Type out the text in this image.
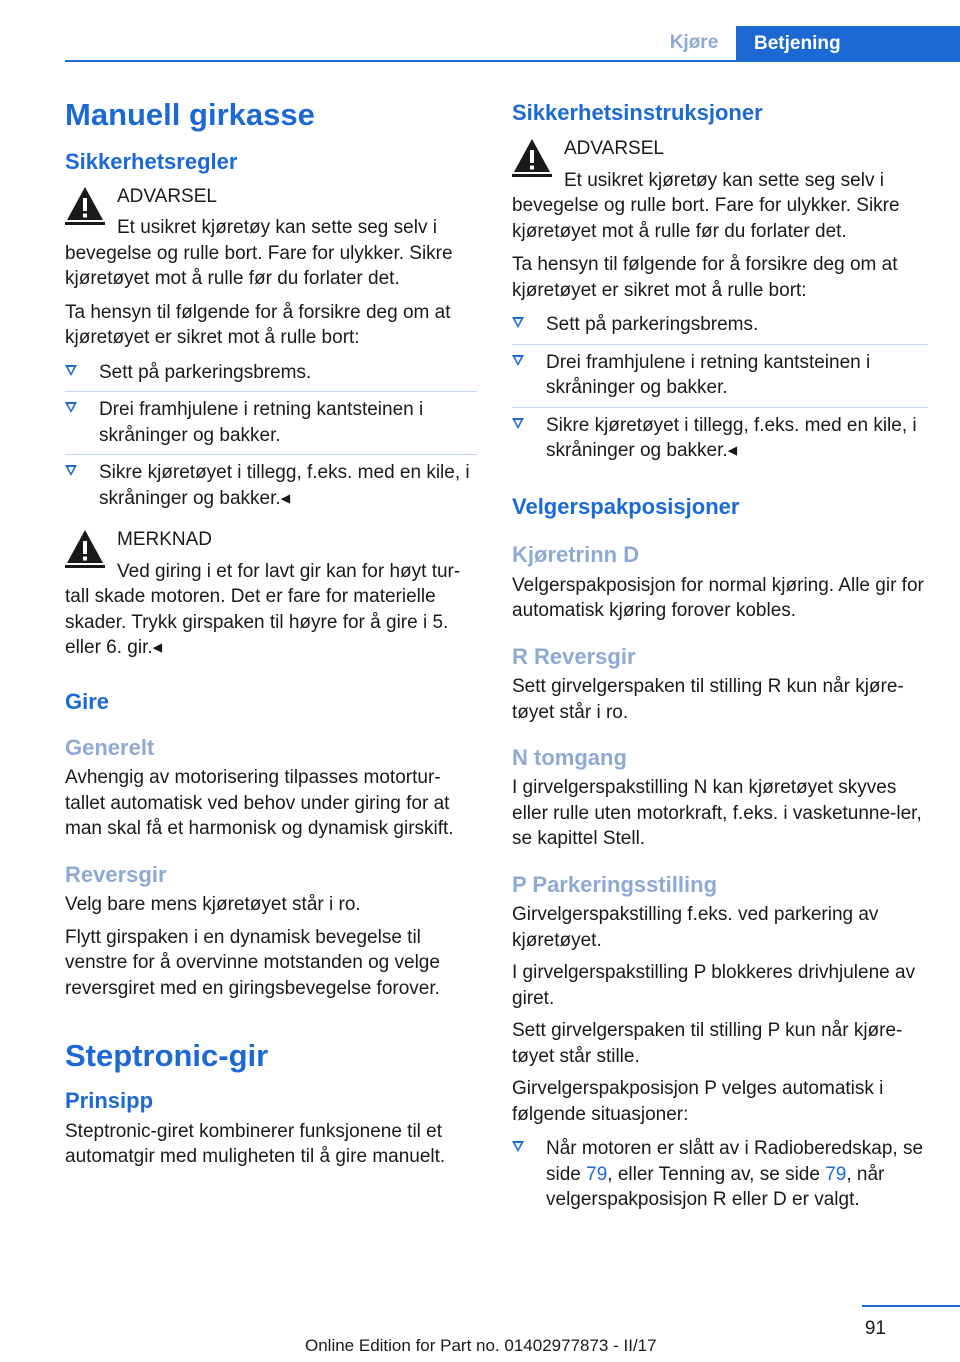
Kjøre	Betjening
Manuell girkasse
Sikkerhetsregler
ADVARSEL
Et usikret kjøretøy kan sette seg selv i
bevegelse og rulle bort. Fare for ulykker. Sikre kjøretøyet mot å rulle før du forlater det.

Ta hensyn til følgende for å forsikre deg om at kjøretøyet er sikret mot å rulle bort:

Sett på parkeringsbrems.
Drei framhjulene i retning kantsteinen i skråninger og bakker.
Sikre kjøretøyet i tillegg, f.eks. med en kile, i skråninger og bakker.◂
MERKNAD
Ved giring i et for lavt gir kan for høyt tur-
tall skade motoren. Det er fare for materielle skader. Trykk girspaken til høyre for å gire i 5. eller 6. gir.◂
Gire
Generelt

Avhengig av motorisering tilpasses motortur-tallet automatisk ved behov under giring for at man skal få et harmonisk og dynamisk girskift.

Reversgir

Velg bare mens kjøretøyet står i ro.

Flytt girspaken i en dynamisk bevegelse til venstre for å overvinne motstanden og velge reversgiret med en giringsbevegelse forover.

Steptronic-gir
Prinsipp

Steptronic-giret kombinerer funksjonene til et automatgir med muligheten til å gire manuelt.

Sikkerhetsinstruksjoner
ADVARSEL
Et usikret kjøretøy kan sette seg selv i
bevegelse og rulle bort. Fare for ulykker. Sikre kjøretøyet mot å rulle før du forlater det.

Ta hensyn til følgende for å forsikre deg om at kjøretøyet er sikret mot å rulle bort:

Sett på parkeringsbrems.
Drei framhjulene i retning kantsteinen i skråninger og bakker.
Sikre kjøretøyet i tillegg, f.eks. med en kile, i skråninger og bakker.◂
Velgerspakposisjoner
Kjøretrinn D

Velgerspakposisjon for normal kjøring. Alle gir for automatisk kjøring forover kobles.

R Reversgir

Sett girvelgerspaken til stilling R kun når kjøre-tøyet står i ro.

N tomgang

I girvelgerspakstilling N kan kjøretøyet skyves eller rulle uten motorkraft, f.eks. i vasketunne-ler, se kapittel Stell.

P Parkeringsstilling

Girvelgerspakstilling f.eks. ved parkering av kjøretøyet.

I girvelgerspakstilling P blokkeres drivhjulene av giret.

Sett girvelgerspaken til stilling P kun når kjøre-tøyet står stille.

Girvelgerspakposisjon P velges automatisk i følgende situasjoner:

Når motoren er slått av i Radioberedskap, se side 79, eller Tenning av, se side 79, når velgerspakposisjon R eller D er valgt.
91
Online Edition for Part no. 01402977873 - II/17
